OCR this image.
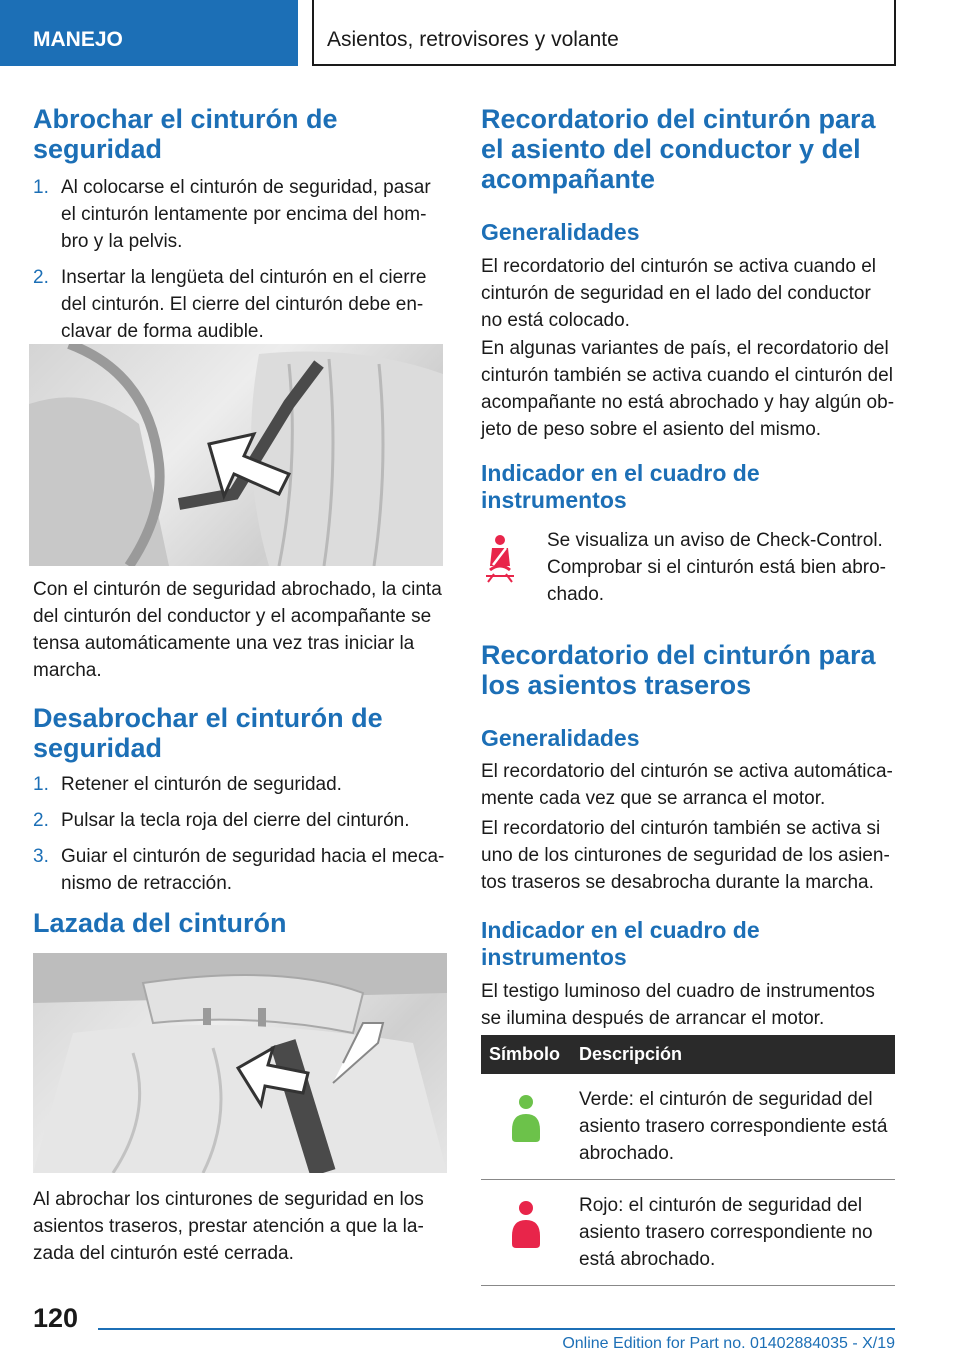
MANEJO	Asientos, retrovisores y volante
Abrochar el cinturón de seguridad
1. Al colocarse el cinturón de seguridad, pasar el cinturón lentamente por encima del hom- bro y la pelvis.
2. Insertar la lengüeta del cinturón en el cierre del cinturón. El cierre del cinturón debe en- clavar de forma audible.

Con el cinturón de seguridad abrochado, la cinta del cinturón del conductor y el acompañante se tensa automáticamente una vez tras iniciar la marcha.

Desabrochar el cinturón de seguridad
1. Retener el cinturón de seguridad.
2. Pulsar la tecla roja del cierre del cinturón.
3. Guiar el cinturón de seguridad hacia el meca- nismo de retracción.
Lazada del cinturón

Al abrochar los cinturones de seguridad en los asientos traseros, prestar atención a que la la- zada del cinturón esté cerrada.

Recordatorio del cinturón para el asiento del conductor y del acompañante
Generalidades

El recordatorio del cinturón se activa cuando el cinturón de seguridad en el lado del conductor no está colocado.

En algunas variantes de país, el recordatorio del cinturón también se activa cuando el cinturón del acompañante no está abrochado y hay algún ob- jeto de peso sobre el asiento del mismo.

Indicador en el cuadro de instrumentos

Se visualiza un aviso de Check-Control. Comprobar si el cinturón está bien abro- chado.

Recordatorio del cinturón para los asientos traseros
Generalidades

El recordatorio del cinturón se activa automática- mente cada vez que se arranca el motor.

El recordatorio del cinturón también se activa si uno de los cinturones de seguridad de los asien- tos traseros se desabrocha durante la marcha.

Indicador en el cuadro de instrumentos

El testigo luminoso del cuadro de instrumentos se ilumina después de arrancar el motor.

Símbolo	Descripción
	Verde: el cinturón de seguridad del asiento trasero correspondiente está abrochado.
	Rojo: el cinturón de seguridad del asiento trasero correspondiente no está abrochado.
120
Online Edition for Part no. 01402884035 - X/19
